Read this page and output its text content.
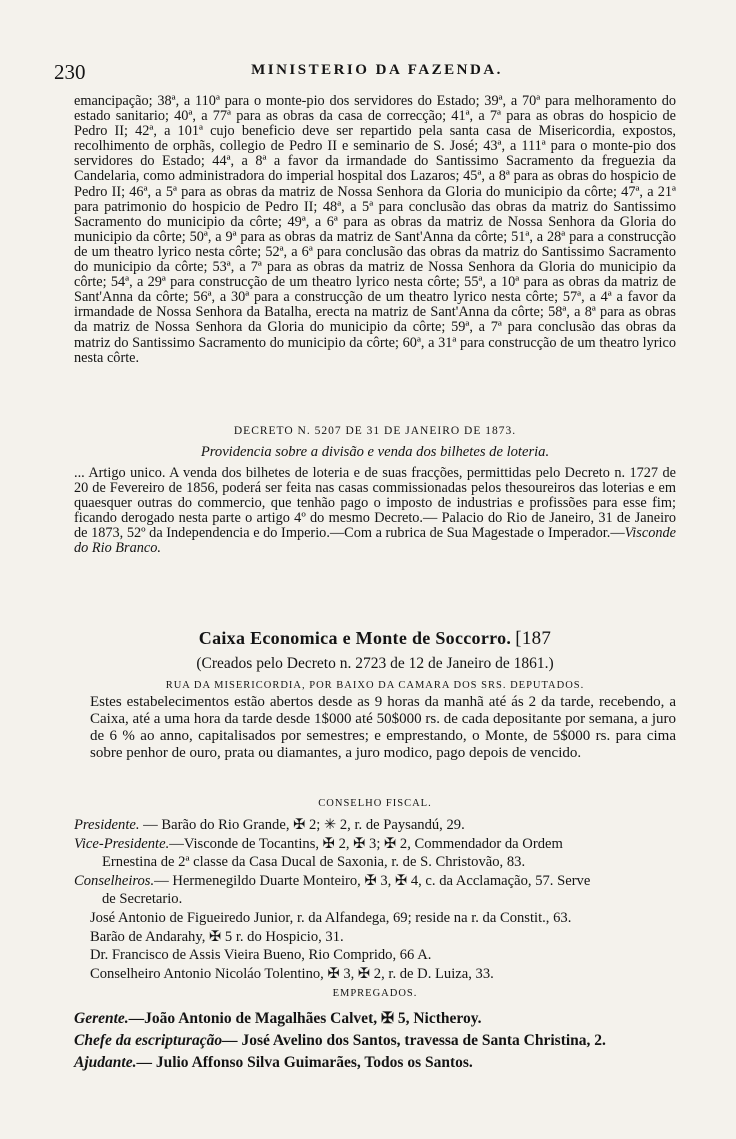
230	MINISTERIO DA FAZENDA.

emancipação; 38ª, a 110ª para o monte-pio dos servidores do Estado; 39ª, a 70ª para melhoramento do estado sanitario; 40ª, a 77ª para as obras da casa de correcção; 41ª, a 7ª para as obras do hospicio de Pedro II; 42ª, a 101ª cujo beneficio deve ser repartido pela santa casa de Misericordia, expostos, recolhimento de orphãs, collegio de Pedro II e seminario de S. José; 43ª, a 111ª para o monte-pio dos servidores do Estado; 44ª, a 8ª a favor da irmandade do Santissimo Sacramento da freguezia da Candelaria, como administradora do imperial hospital dos Lazaros; 45ª, a 8ª para as obras do hospicio de Pedro II; 46ª, a 5ª para as obras da matriz de Nossa Senhora da Gloria do municipio da côrte; 47ª, a 21ª para patrimonio do hospicio de Pedro II; 48ª, a 5ª para conclusão das obras da matriz do Santissimo Sacramento do municipio da côrte; 49ª, a 6ª para as obras da matriz de Nossa Senhora da Gloria do municipio da côrte; 50ª, a 9ª para as obras da matriz de Sant'Anna da côrte; 51ª, a 28ª para a construcção de um theatro lyrico nesta côrte; 52ª, a 6ª para conclusão das obras da matriz do Santissimo Sacramento do municipio da côrte; 53ª, a 7ª para as obras da matriz de Nossa Senhora da Gloria do municipio da côrte; 54ª, a 29ª para construcção de um theatro lyrico nesta côrte; 55ª, a 10ª para as obras da matriz de Sant'Anna da côrte; 56ª, a 30ª para a construcção de um theatro lyrico nesta côrte; 57ª, a 4ª a favor da irmandade de Nossa Senhora da Batalha, erecta na matriz de Sant'Anna da côrte; 58ª, a 8ª para as obras da matriz de Nossa Senhora da Gloria do municipio da côrte; 59ª, a 7ª para conclusão das obras da matriz do Santissimo Sacramento do municipio da côrte; 60ª, a 31ª para construcção de um theatro lyrico nesta côrte.

DECRETO N. 5207 DE 31 DE JANEIRO DE 1873.

Providencia sobre a divisão e venda dos bilhetes de loteria.

... Artigo unico. A venda dos bilhetes de loteria e de suas fracções, permittidas pelo Decreto n. 1727 de 20 de Fevereiro de 1856, poderá ser feita nas casas commissionadas pelos thesoureiros das loterias e em quaesquer outras do commercio, que tenhão pago o imposto de industrias e profissões para esse fim; ficando derogado nesta parte o artigo 4º do mesmo Decreto.— Palacio do Rio de Janeiro, 31 de Janeiro de 1873, 52º da Independencia e do Imperio.—Com a rubrica de Sua Magestade o Imperador.—Visconde do Rio Branco.

Caixa Economica e Monte de Soccorro. [187

(Creados pelo Decreto n. 2723 de 12 de Janeiro de 1861.)

RUA DA MISERICORDIA, POR BAIXO DA CAMARA DOS SRS. DEPUTADOS.

Estes estabelecimentos estão abertos desde as 9 horas da manhã até ás 2 da tarde, recebendo, a Caixa, até a uma hora da tarde desde 1$000 até 50$000 rs. de cada depositante por semana, a juro de 6 % ao anno, capitalisados por semestres; e emprestando, o Monte, de 5$000 rs. para cima sobre penhor de ouro, prata ou diamantes, a juro modico, pago depois de vencido.

CONSELHO FISCAL.

Presidente. — Barão do Rio Grande, ✠ 2; ✳ 2, r. de Paysandú, 29.

Vice-Presidente.—Visconde de Tocantins, ✠ 2, ✠ 3; ✠ 2, Commendador da Ordem

Ernestina de 2ª classe da Casa Ducal de Saxonia, r. de S. Christovão, 83.

Conselheiros.— Hermenegildo Duarte Monteiro, ✠ 3, ✠ 4, c. da Acclamação, 57. Serve

de Secretario.

José Antonio de Figueiredo Junior, r. da Alfandega, 69; reside na r. da Constit., 63.

Barão de Andarahy, ✠ 5 r. do Hospicio, 31.

Dr. Francisco de Assis Vieira Bueno, Rio Comprido, 66 A.

Conselheiro Antonio Nicoláo Tolentino, ✠ 3, ✠ 2, r. de D. Luiza, 33.

EMPREGADOS.

Gerente.—João Antonio de Magalhães Calvet, ✠ 5, Nictheroy.

Chefe da escripturação— José Avelino dos Santos, travessa de Santa Christina, 2.

Ajudante.— Julio Affonso Silva Guimarães, Todos os Santos.
